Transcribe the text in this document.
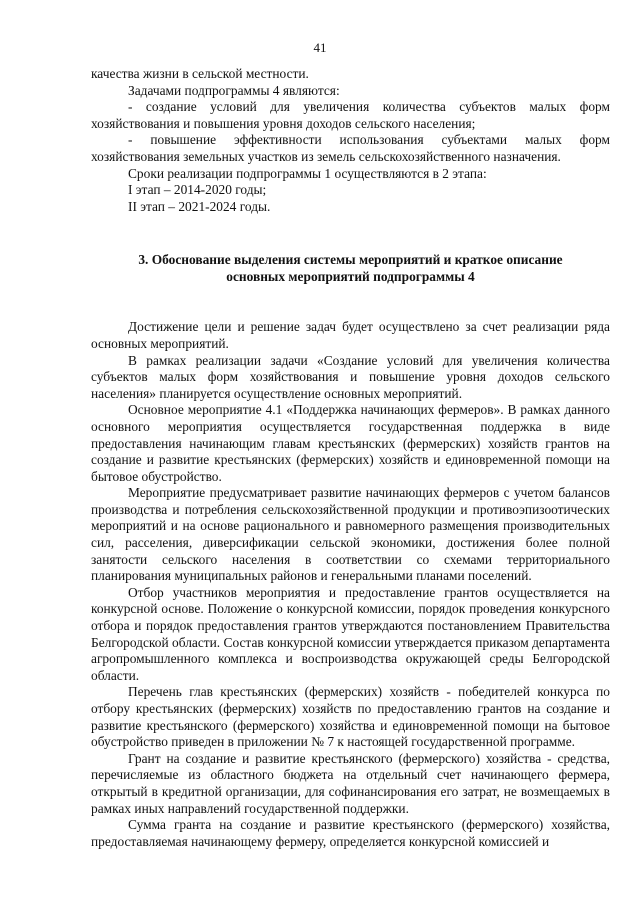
41

качества жизни в сельской местности.

Задачами подпрограммы 4 являются:

- создание условий для увеличения количества субъектов малых форм хозяйствования и повышения уровня доходов сельского населения;

- повышение эффективности использования субъектами малых форм хозяйствования земельных участков из земель сельскохозяйственного назначения.

Сроки реализации подпрограммы 1 осуществляются в 2 этапа:

I этап – 2014-2020 годы;

II этап – 2021-2024 годы.

3. Обоснование выделения системы мероприятий и краткое описание
основных мероприятий подпрограммы 4

Достижение цели и решение задач будет осуществлено за счет реализации ряда основных мероприятий.

В рамках реализации задачи «Создание условий для увеличения количества субъектов малых форм хозяйствования и повышение уровня доходов сельского населения» планируется осуществление основных мероприятий.

Основное мероприятие 4.1 «Поддержка начинающих фермеров». В рамках данного основного мероприятия осуществляется государственная поддержка в виде предоставления начинающим главам крестьянских (фермерских) хозяйств грантов на создание и развитие крестьянских (фермерских) хозяйств и единовременной помощи на бытовое обустройство.

Мероприятие предусматривает развитие начинающих фермеров с учетом балансов производства и потребления сельскохозяйственной продукции и противоэпизоотических мероприятий и на основе рационального и равномерного размещения производительных сил, расселения, диверсификации сельской экономики, достижения более полной занятости сельского населения в соответствии со схемами территориального планирования муниципальных районов и генеральными планами поселений.

Отбор участников мероприятия и предоставление грантов осуществляется на конкурсной основе. Положение о конкурсной комиссии, порядок проведения конкурсного отбора и порядок предоставления грантов утверждаются постановлением Правительства Белгородской области. Состав конкурсной комиссии утверждается приказом департамента агропромышленного комплекса и воспроизводства окружающей среды Белгородской области.

Перечень глав крестьянских (фермерских) хозяйств - победителей конкурса по отбору крестьянских (фермерских) хозяйств по предоставлению грантов на создание и развитие крестьянского (фермерского) хозяйства и единовременной помощи на бытовое обустройство приведен в приложении № 7 к настоящей государственной программе.

Грант на создание и развитие крестьянского (фермерского) хозяйства - средства, перечисляемые из областного бюджета на отдельный счет начинающего фермера, открытый в кредитной организации, для софинансирования его затрат, не возмещаемых в рамках иных направлений государственной поддержки.

Сумма гранта на создание и развитие крестьянского (фермерского) хозяйства, предоставляемая начинающему фермеру, определяется конкурсной комиссией и
